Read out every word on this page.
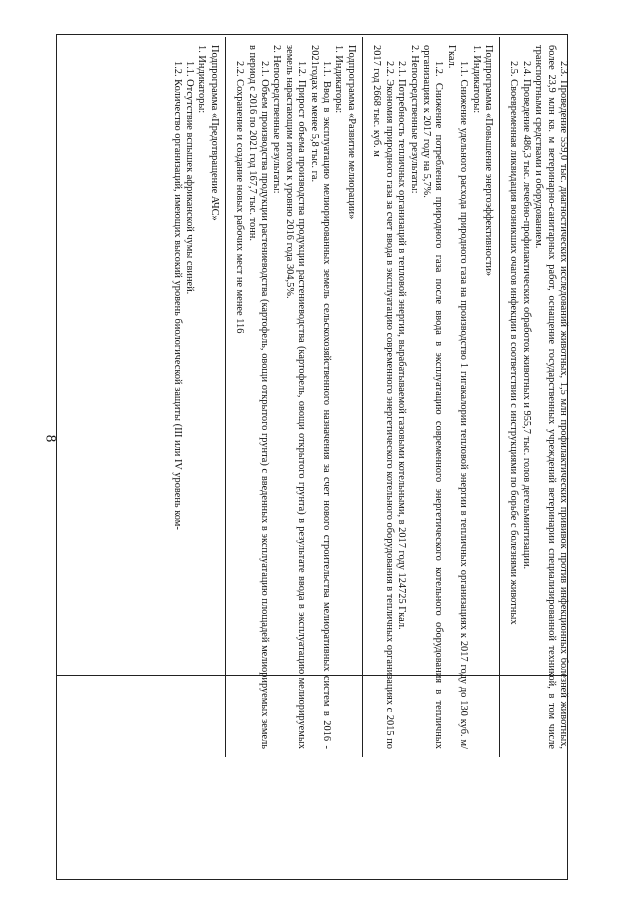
8	2.3. Проведение 559,0 тыс. диагностических исследований животных, 1,5 млн профилактических прививок против инфекционных болезней животных, более 23,9 млн кв. м ветеринарно-санитарных работ, оснащение государственных учреждений ветеринарии специализированной техникой, в том числе транспортными средствами и оборудованием.

2.4. Проведение 486,3 тыс. лечебно-профилактических обработок животных и 955,7 тыс. голов дегельминтизации.

2.5. Своевременная ликвидация возникших очагов инфекции в соответствии с инструкциями по борьбе с болезнями животных

Подпрограмма «Повышение энергоэффективности»

1. Индикаторы:

1.1. Снижение удельного расхода природного газа на производство 1 гигакалории тепловой энергии в тепличных организациях к 2017 году до 130 куб. м/ Гкал.

1.2. Снижение потребления природного газа после ввода в эксплуатацию современного энергетического котельного оборудования в тепличных организациях к 2017 году на 5,7%.

2. Непосредственные результаты:

2.1. Потребность тепличных организаций в тепловой энергии, вырабатываемой газовыми котельными, в 2017 году 124725 Гкал.

2.2. Экономия природного газа за счет ввода в эксплуатацию современного энергетического котельного оборудования в тепличных организациях с 2015 по 2017 год 2668 тыс. куб. м

Подпрограмма «Развитие мелиорации»

1. Индикаторы:

1.1. Ввод в эксплуатацию мелиорированных земель сельскохозяйственного назначения за счет нового строительства мелиоративных систем в 2016 - 2021годах не менее 5,8 тыс. га.

1.2. Прирост объема производства продукции растениеводства (картофель, овощи открытого грунта) в результате ввода в эксплуатацию мелиорируемых земель нарастающим итогом к уровню 2016 года 304,5%.

2. Непосредственные результаты:

2.1. Объем производства продукции растениеводства (картофель, овощи открытого грунта) с введенных в эксплуатацию площадей мелиорируемых земель в период с 2016 по 2021 год 167,7 тыс. тонн.

2.2. Сохранение и создание новых рабочих мест не менее 116

Подпрограмма «Предотвращение АЧС»

1. Индикаторы:

1.1. Отсутствие вспышек африканской чумы свиней.

1.2. Количество организаций, имеющих высокий уровень биологической защиты (III или IV уровень ком-
